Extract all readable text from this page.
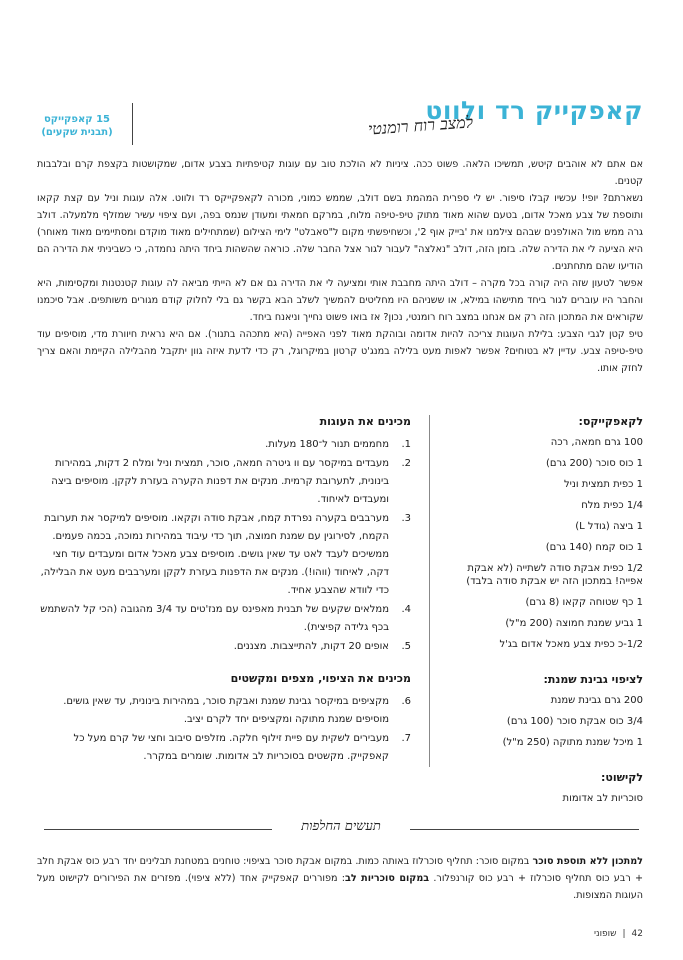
קאפקייק רד ולווט
למצב רוח רומנטי
15 קאפקייקס
(תבנית שקעים)

אם אתם לא אוהבים קיטש, תמשיכו הלאה. פשוט ככה. ציניות לא הולכת טוב עם עוגות קטיפתיות בצבע אדום, שמקושטות בקצפת קרם ובלבבות קטנים.

נשארתם? יופי! עכשיו קבלו סיפור. יש לי ספרית המהמת בשם דולב, שממש כמוני, מכורה לקאפקייקס רד ולווט. אלה עוגות וניל עם קצת קקאו ותוספת של צבע מאכל אדום, בטעם שהוא מאוד מתוק טיפ-טיפה מלוח, במרקם חמאתי ומעודן שנמס בפה, ועם ציפוי עשיר שמזלף מלמעלה. דולב גרה ממש מול האולפנים שבהם צילמנו את 'בייק אוף 2', וכשחיפשתי מקום ל"סאבלט" לימי הצילום (שמתחילים מאוד מוקדם ומסתיימים מאוד מאוחר) היא הציעה לי את הדירה שלה. בזמן הזה, דולב "נאלצה" לעבור לגור אצל החבר שלה. כוראה שהשהות ביחד היתה נחמדה, כי כשביניתי את הדירה הם הודיעו שהם מתחתנים.

אפשר לטעון שזה היה קורה בכל מקרה – דולב היתה מחבבת אותי ומציעה לי את הדירה גם אם לא הייתי מביאה לה עוגות קטנטנות ומקסימות, היא והחבר היו עוברים לגור ביחד מתישהו במילא, או ששניהם היו מחליטים להמשיך לשלב הבא בקשר גם בלי לחלוק קודם מגורים משותפים. אבל סיכמנו שקוראים את המתכון הזה רק אם אנחנו במצב רוח רומנטי, נכון? אז בואו פשוט נחייך וניאנח ביחד.

טיפ קטן לגבי הצבע: בלילת העוגות צריכה להיות אדומה ובוהקת מאוד לפני האפייה (היא מתכהה בתנור). אם היא נראית חיוורת מדי, מוסיפים עוד טיפ-טיפה צבע. עדיין לא בטוחים? אפשר לאפות מעט בלילה במנג'ט קרטון במיקרוגל, רק כדי לדעת איזה גוון יתקבל מהבלילה הקיימת והאם צריך לחזק אותו.

לקאפקייקס:
100 גרם חמאה, רכה
1 כוס סוכר (200 גרם)
1 כפית תמצית וניל
1/4 כפית מלח
1 ביצה (גודל L)
1 כוס קמח (140 גרם)
1/2 כפית אבקת סודה לשתייה (לא אבקת אפייה! במתכון הזה יש אבקת סודה בלבד)
1 כף שטוחה קקאו (8 גרם)
1 גביע שמנת חמוצה (200 מ"ל)
1/2-כ כפית צבע מאכל אדום בג'ל
לציפוי גבינת שמנת:
200 גרם גבינת שמנת
3/4 כוס אבקת סוכר (100 גרם)
1 מיכל שמנת מתוקה (250 מ"ל)
לקישוט:
סוכריות לב אדומות
מכינים את העוגות
1.
מחממים תנור ל־180 מעלות.
2.
מעבדים במיקסר עם וו גיטרה חמאה, סוכר, תמצית וניל ומלח 2 דקות, במהירות בינונית, לתערובת קרמית. מנקים את דפנות הקערה בעזרת לקקן. מוסיפים ביצה ומעבדים לאיחוד.
3.
מערבבים בקערה נפרדת קמח, אבקת סודה וקקאו. מוסיפים למיקסר את תערובת הקמח, לסירוגין עם שמנת חמוצה, תוך כדי עיבוד במהירות נמוכה, בכמה פעמים. ממשיכים לעבד לאט עד שאין גושים. מוסיפים צבע מאכל אדום ומעבדים עוד חצי דקה, לאיחוד (ווהו!). מנקים את הדפנות בעזרת לקקן ומערבבים מעט את הבלילה, כדי לוודא שהצבע אחיד.
4.
ממלאים שקעים של תבנית מאפינס עם מנז'טים עד 3/4 מהגובה (הכי קל להשתמש בכף גלידה קפיצית).
5.
אופים 20 דקות, להתייצבות. מצננים.
מכינים את הציפוי, מצפים ומקשטים
6.
מקציפים במיקסר גבינת שמנת ואבקת סוכר, במהירות בינונית, עד שאין גושים. מוסיפים שמנת מתוקה ומקציפים יחד לקרם יציב.
7.
מעבירים לשקית עם פיית זילוף חלקה. מזלפים סיבוב וחצי של קרם מעל כל קאפקייק. מקשטים בסוכריות לב אדומות. שומרים במקרר.
תעשים החלפות
למתכון ללא תוספת סוכר במקום סוכר: תחליף סוכרלוז באותה כמות. במקום אבקת סוכר בציפוי: טוחנים במטחנת תבלינים יחד רבע כוס אבקת חלב + רבע כוס תחליף סוכרלוז + רבע כוס קורנפלור. במקום סוכריות לב: מפוררים קאפקייק אחד (ללא ציפוי). מפזרים את הפירורים לקישוט מעל העוגות המצופות.
42|שופוני
